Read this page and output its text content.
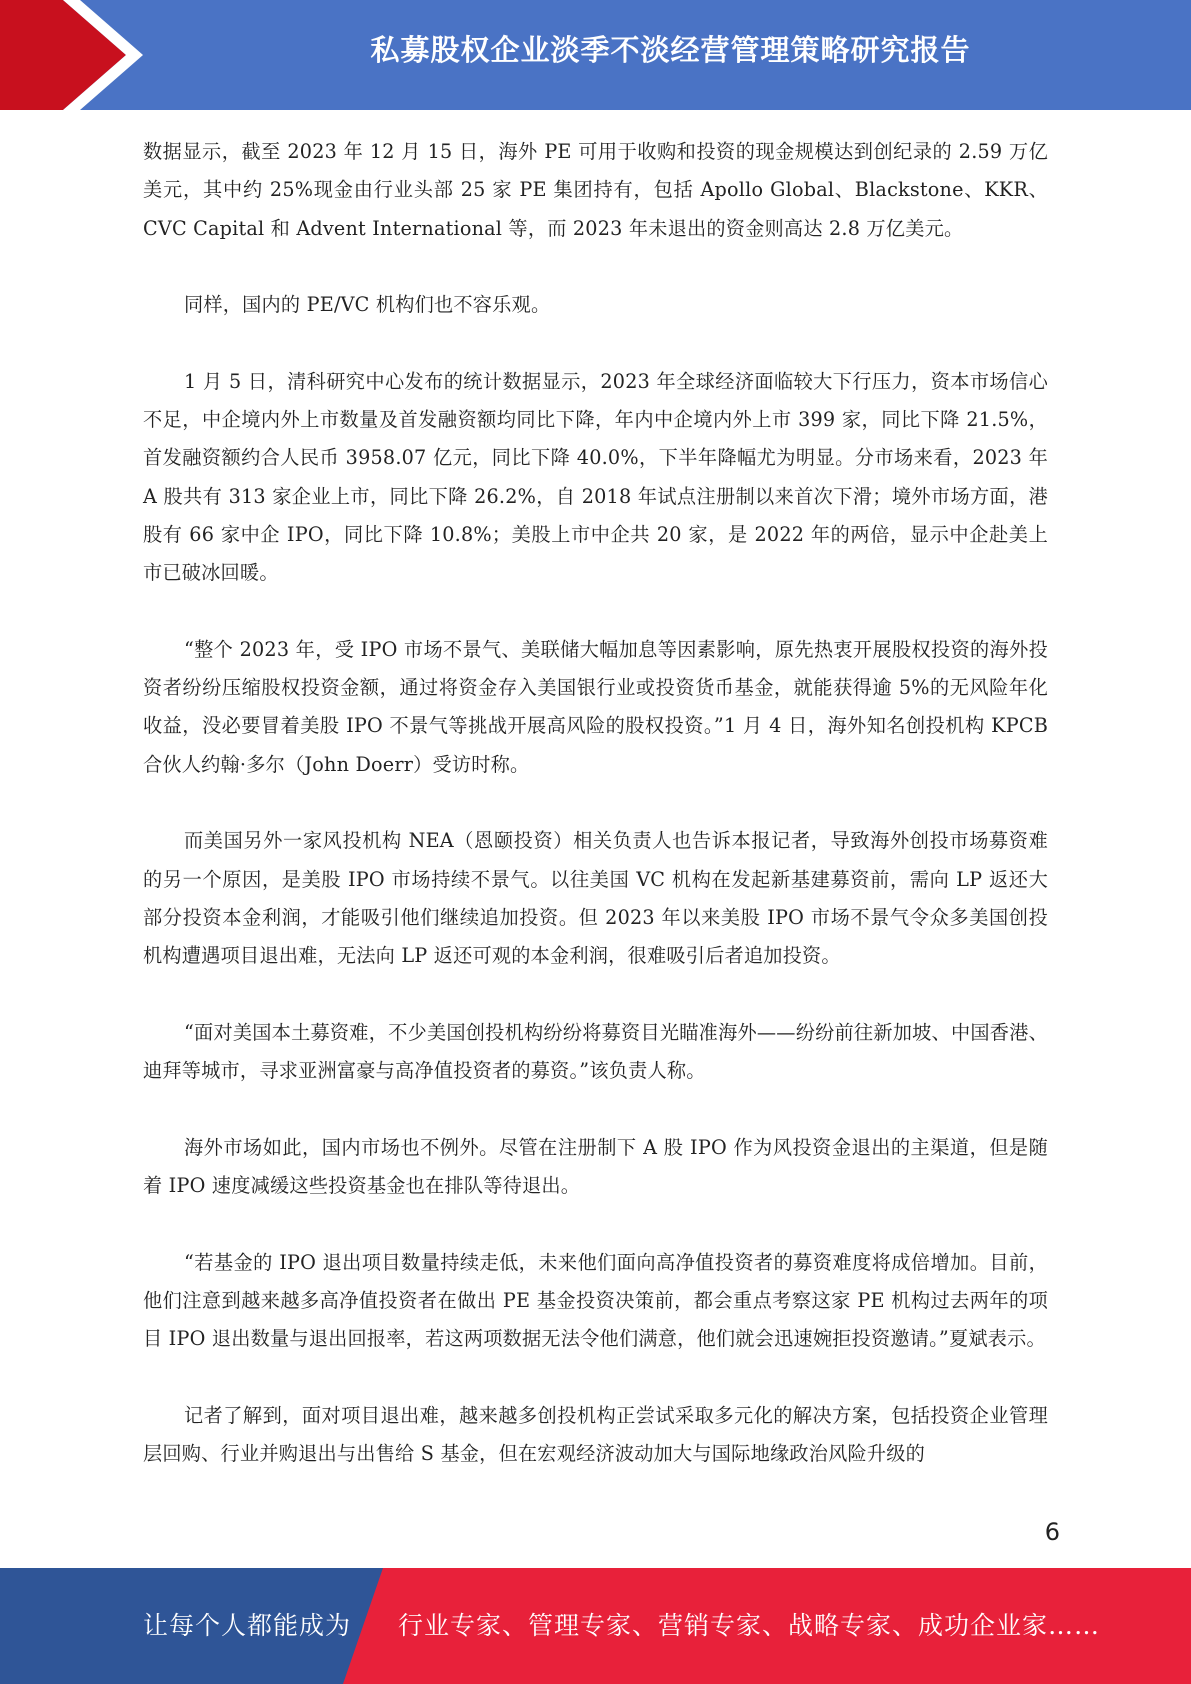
私募股权企业淡季不淡经营管理策略研究报告

数据显示，截至 2023 年 12 月 15 日，海外 PE 可用于收购和投资的现金规模达到创纪录的 2.59 万亿美元，其中约 25%现金由行业头部 25 家 PE 集团持有，包括 Apollo Global、Blackstone、KKR、CVC Capital 和 Advent International 等，而 2023 年未退出的资金则高达 2.8 万亿美元。

同样，国内的 PE/VC 机构们也不容乐观。

1 月 5 日，清科研究中心发布的统计数据显示，2023 年全球经济面临较大下行压力，资本市场信心不足，中企境内外上市数量及首发融资额均同比下降，年内中企境内外上市 399 家，同比下降 21.5%，首发融资额约合人民币 3958.07 亿元，同比下降 40.0%，下半年降幅尤为明显。分市场来看，2023 年 A 股共有 313 家企业上市，同比下降 26.2%，自 2018 年试点注册制以来首次下滑；境外市场方面，港股有 66 家中企 IPO，同比下降 10.8%；美股上市中企共 20 家，是 2022 年的两倍，显示中企赴美上市已破冰回暖。

“整个 2023 年，受 IPO 市场不景气、美联储大幅加息等因素影响，原先热衷开展股权投资的海外投资者纷纷压缩股权投资金额，通过将资金存入美国银行业或投资货币基金，就能获得逾 5%的无风险年化收益，没必要冒着美股 IPO 不景气等挑战开展高风险的股权投资。”1 月 4 日，海外知名创投机构 KPCB 合伙人约翰·多尔（John Doerr）受访时称。

而美国另外一家风投机构 NEA（恩颐投资）相关负责人也告诉本报记者，导致海外创投市场募资难的另一个原因，是美股 IPO 市场持续不景气。以往美国 VC 机构在发起新基建募资前，需向 LP 返还大部分投资本金利润，才能吸引他们继续追加投资。但 2023 年以来美股 IPO 市场不景气令众多美国创投机构遭遇项目退出难，无法向 LP 返还可观的本金利润，很难吸引后者追加投资。

“面对美国本土募资难，不少美国创投机构纷纷将募资目光瞄准海外——纷纷前往新加坡、中国香港、迪拜等城市，寻求亚洲富豪与高净值投资者的募资。”该负责人称。

海外市场如此，国内市场也不例外。尽管在注册制下 A 股 IPO 作为风投资金退出的主渠道，但是随着 IPO 速度减缓这些投资基金也在排队等待退出。

“若基金的 IPO 退出项目数量持续走低，未来他们面向高净值投资者的募资难度将成倍增加。目前，他们注意到越来越多高净值投资者在做出 PE 基金投资决策前，都会重点考察这家 PE 机构过去两年的项目 IPO 退出数量与退出回报率，若这两项数据无法令他们满意，他们就会迅速婉拒投资邀请。”夏斌表示。

记者了解到，面对项目退出难，越来越多创投机构正尝试采取多元化的解决方案，包括投资企业管理层回购、行业并购退出与出售给 S 基金，但在宏观经济波动加大与国际地缘政治风险升级的

6
让每个人都能成为 行业专家、管理专家、营销专家、战略专家、成功企业家……
